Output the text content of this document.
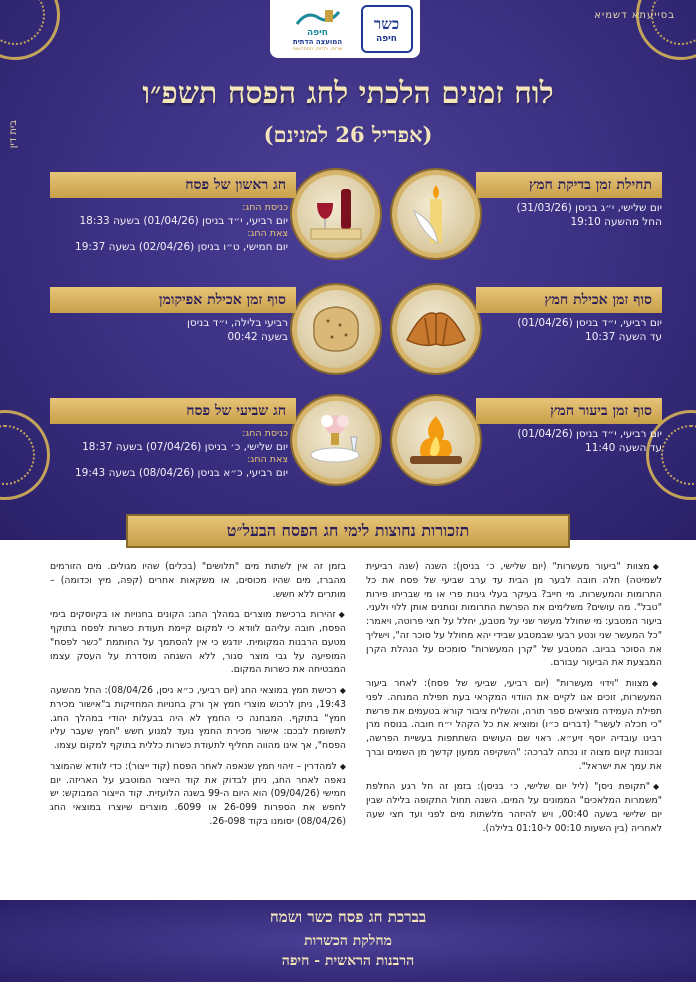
בסייעתא דשמיא
בית דין
כשר
חיפה
חיפה
המועצה הדתית
שרות, יהדות, התחדשות
לוח זמנים הלכתי לחג הפסח תשפ״ו
(אפריל 26 למנינם)
תחילת זמן בדיקת חמץ
יום שלישי, י״ג בניסן (31/03/26)
החל מהשעה 19:10
סוף זמן אכילת חמץ
יום רביעי, י״ד בניסן (01/04/26)
עד השעה 10:37
סוף זמן ביעור חמץ
יום רביעי, י״ד בניסן (01/04/26)
עד השעה 11:40
חג ראשון של פסח
כניסת החג:
יום רביעי, י״ד בניסן (01/04/26) בשעה 18:33
צאת החג:
יום חמישי, ט״ו בניסן (02/04/26) בשעה 19:37
סוף זמן אכילת אפיקומן
רביעי בלילה, י״ד בניסן
בשעה 00:42
חג שביעי של פסח
כניסת החג:
יום שלישי, כ׳ בניסן (07/04/26) בשעה 18:37
צאת החג:
יום רביעי, כ״א בניסן (08/04/26) בשעה 19:43

◆מצוות "ביעור מעשרות" (יום שלישי, כ׳ בניסן): השנה (שנה רביעית לשמיטה) חלה חובה לבער מן הבית עד ערב שביעי של פסח את כל התרומות והמעשרות. מי חייב? בעיקר בעלי גינות פרי או מי שבריתו פירות "טבל". מה עושים? משלימים את הפרשת התרומות ונותנים אותן ללוי ולעני. ביעור המטבע: מי שחולל מעשר שני על מטבע, יחלל על חצי פרוטה, ויאמר: "כל המעשר שני ונטע רבעי שבמטבע שבידי יהא מחולל על סוכר זה", וישליך את הסוכר בביוב. המטבע של "קרן המעשרות" סומכים על הנהלת הקרן המבצעת את הביעור עבורם.

◆מצוות "וידוי מעשרות" (יום רביעי, שביעי של פסח): לאחר ביעור המעשרות, זוכים אנו לקיים את הוודוי המקראי בעת תפילת המנחה. לפני תפילת העמידה מוציאים ספר תורה, והשליח ציבור קורא בטעמים את פרשת "כי תכלה לעשר" (דברים כ״ו) ומוציא את כל הקהל י״ח חובה. בנוסח מרן רבינו עובדיה יוסף זיע״א. ראוי שם העושים השתתפות בעשיית הפרשה, ובכוונת קיום מצוה זו נכתה לברכה: "השקיפה ממעון קדשך מן השמים וברך את עמך את ישראל".

◆"תקופת ניסן" (ליל יום שלישי, כ׳ בניסן): בזמן זה חל רגע החלפת "משמרות המלאכים" הממונים על המים. השנה תחול התקופה בלילה שבין יום שלישי בשעה 00:40, ויש להיזהר מלשתות מים לפני ועד חצי שעה לאחריה (בין השעות 00:10 ל-01:10 בלילה).

בזמן זה אין לשתות מים "תלושים" (בכלים) שהיו מגולים. מים הזורמים מהברז, מים שהיו מכוסים, או משקאות אחרים (קפה, מיץ וכדומה) – מותרים ללא חשש.

◆זהירות ברכישת מוצרים במהלך החג: הקונים בחנויות או בקיוסקים בימי הפסח, חובה עליהם לוודא כי למקום קיימת תעודת כשרות לפסח בתוקף מטעם הרבנות המקומית. יודגש כי אין להסתמך על החותמת "כשר לפסח" המופיעה על גבי מוצר סגור, ללא השגחה מוסדרת על העסק עצמו המבטיחה את כשרות המקום.

◆רכישת חמץ במוצאי החג (יום רביעי, כ״א ניסן, 08/04/26): החל מהשעה 19:43, ניתן לרכוש מוצרי חמץ אך ורק בחנויות המחזיקות ב"אישור מכירת חמץ" בתוקף. המבחנה כי החמץ לא היה בבעלות יהודי במהלך החג. לתשומת לבכם: אישור מכירת החמץ נועד למנוע חשש "חמץ שעבר עליו הפסח", אך אינו מהווה תחליף לתעודת כשרות כללית בתוקף למקום עצמו.

◆למהדרין – זיהוי חמץ שנאפה לאחר הפסח (קוד ייצור): כדי לוודא שהמוצר נאפה לאחר החג, ניתן לבדוק את קוד הייצור המוטבע על האריזה. יום חמישי (09/04/26) הוא היום ה-99 בשנה הלועזית. קוד הייצור המבוקש: יש לחפש את הספרות 26-099 או 6099. מוצרים שיוצרו במוצאי החג (08/04/26) יסומנו בקוד 26-098.

תזכורות נחוצות לימי חג הפסח הבעל״ט
בברכת חג פסח כשר ושמח
מחלקת הכשרות
הרבנות הראשית - חיפה
